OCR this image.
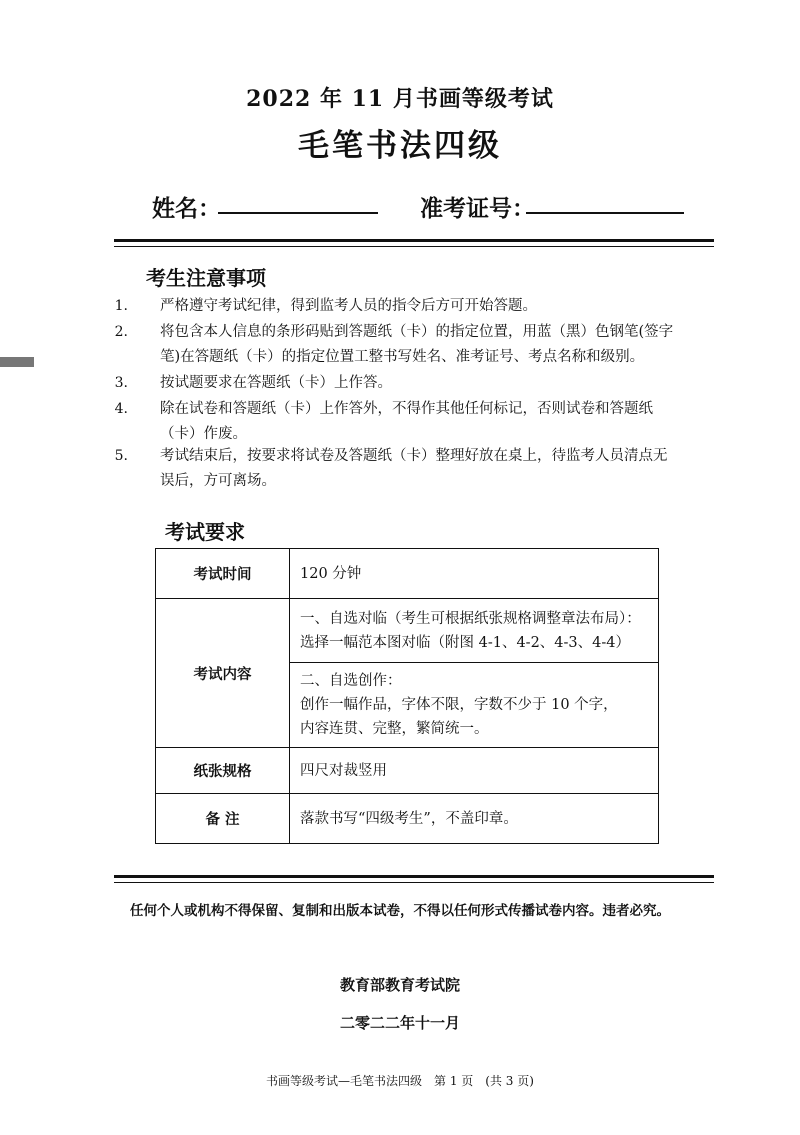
2022 年 11 月书画等级考试
毛笔书法四级
姓名：	准考证号：
考生注意事项
1. 严格遵守考试纪律，得到监考人员的指令后方可开始答题。
2. 将包含本人信息的条形码贴到答题纸（卡）的指定位置，用蓝（黑）色钢笔(签字
笔)在答题纸（卡）的指定位置工整书写姓名、准考证号、考点名称和级别。
3. 按试题要求在答题纸（卡）上作答。
4. 除在试卷和答题纸（卡）上作答外，不得作其他任何标记，否则试卷和答题纸
（卡）作废。
5. 考试结束后，按要求将试卷及答题纸（卡）整理好放在桌上，待监考人员清点无
误后，方可离场。
考试要求
考试时间	120 分钟
考试内容	一、自选对临（考生可根据纸张规格调整章法布局）：
选择一幅范本图对临（附图 4-1、4-2、4-3、4-4）

	二、自选创作：
创作一幅作品，字体不限，字数不少于 10 个字，
内容连贯、完整，繁简统一。

纸张规格	四尺对裁竖用
备 注	落款书写“四级考生”，不盖印章。
任何个人或机构不得保留、复制和出版本试卷，不得以任何形式传播试卷内容。违者必究。
教育部教育考试院
二零二二年十一月
书画等级考试—毛笔书法四级　第 1 页　(共 3 页)
